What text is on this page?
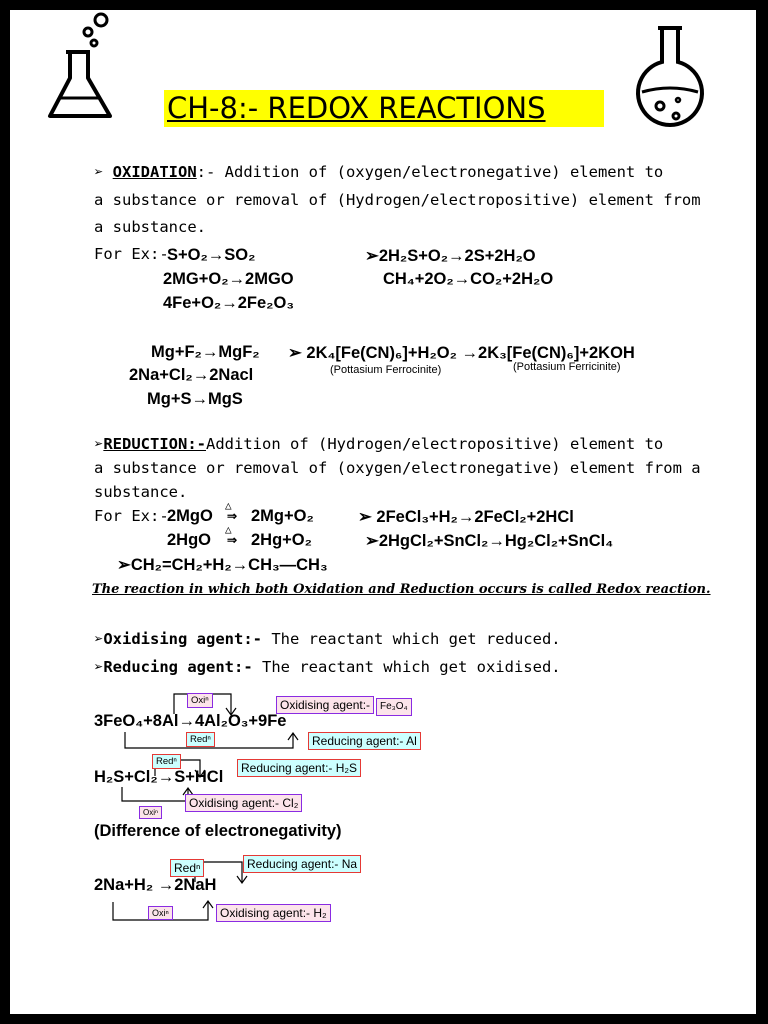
CH-8:- REDOX REACTIONS
➢ OXIDATION:- Addition of (oxygen/electronegative) element to
a substance or removal of (Hydrogen/electropositive) element from
a substance.
For Ex:-
S+O₂→SO₂
2MG+O₂→2MGO
4Fe+O₂→2Fe₂O₃
➢2H₂S+O₂→2S+2H₂O
CH₄+2O₂→CO₂+2H₂O
Mg+F₂→MgF₂
2Na+Cl₂→2Nacl
Mg+S→MgS
➢ 2K₄[Fe(CN)₆]+H₂O₂ →2K₃[Fe(CN)₆]+2KOH
(Pottasium Ferrocinite)	(Pottasium Ferricinite)
➢REDUCTION:-Addition of (Hydrogen/electropositive) element to
a substance or removal of (oxygen/electronegative) element from a
substance.
For Ex:-
2MgO
△
⇒ 2Mg+O₂
2HgO
△
⇒ 2Hg+O₂
➢ 2FeCl₃+H₂→2FeCl₂+2HCl
➢2HgCl₂+SnCl₂→Hg₂Cl₂+SnCl₄
➢CH₂=CH₂+H₂→CH₃—CH₃
The reaction in which both Oxidation and Reduction occurs is called Redox reaction.
➢Oxidising agent:- The reactant which get reduced.
➢Reducing agent:- The reactant which get oxidised.
Oxiⁿ	Oxidising agent:- Fe₃O₄
3FeO₄+8Al→4Al₂O₃+9Fe
Redⁿ	Reducing agent:- Al
Redⁿ	Reducing agent:- H₂S
H₂S+Cl₂→S+HCl
Oxiⁿ
Oxidising agent:- Cl₂
(Difference of electronegativity)
Redⁿ	Reducing agent:- Na
2Na+H₂ →2NaH
Oxiⁿ	Oxidising agent:- H₂
